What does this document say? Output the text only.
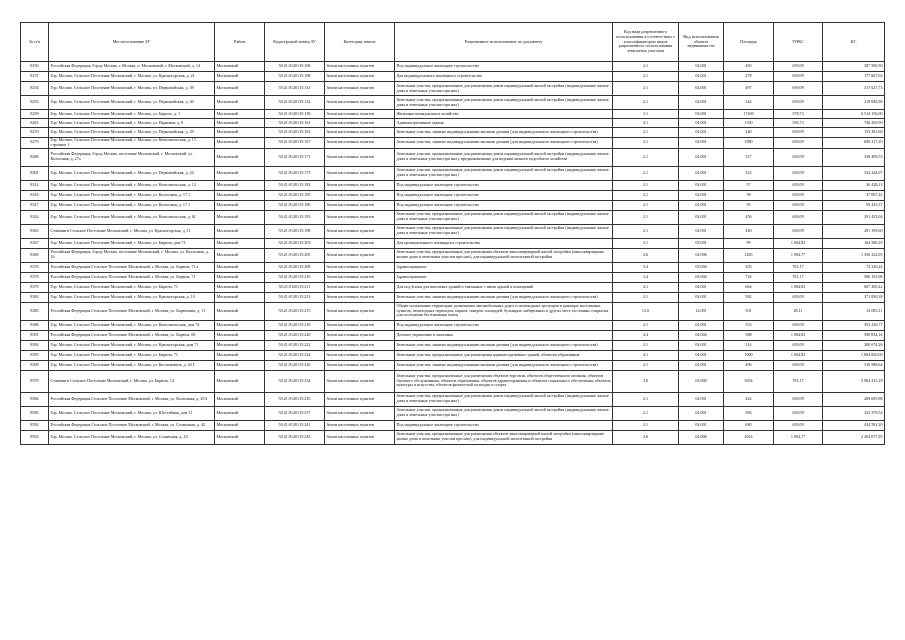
№ п/п	Местоположение ЗУ	Район	Кадастровый номер ЗУ	Категория земель	Разрешенное использование по документу	Код вида разрешенного использования в соответствии с классификатором видов разрешенного использования земельных участков	Вид использования объекта недвижимости	Площадь	УПКС	КС
8150	Российская Федерация, Город Москва, г. Москва, п. Московский, г. Московский, д. 14	Московский	50:21:0120115:108	Земли населенных пунктов	Под индивидуальное жилищное строительство	2.1	02:001	450	639,09	287 590,50
8157	Гор. Москва, Сельское Поселение Московский, г. Москва, ул. Красногорская, д. 21	Московский	50:21:0120115:108	Земли населенных пунктов	Для индивидуального жилищного строительства	2.1	02:001	278	639,09	177 667,02
8254	Гор. Москва, Сельское Поселение Московский, г. Москва, ул. Первомайская, д. 39	Московский	50:21:0120115:131	Земли населенных пунктов	Земельные участки, предназначенные для размещения домов индивидуальной жилой застройки (индивидуальные жилые дома и земельные участки при них)	2.1	02:001	497	639,09	317 627,73
8255	Гор. Москва, Сельское Поселение Московский, г. Москва, ул. Первомайская, д. 40	Московский	50:21:0120115:132	Земли населенных пунктов	Земельные участки, предназначенные для размещения домов индивидуальной жилой застройки (индивидуальные жилые дома и земельные участки при них)	2.1	02:001	344	639,09	219 846,96
8259	Гор. Москва, Сельское Поселение Московский, г. Москва, ул. Бирюза, д. 1	Московский	50:21:0120115:138	Земли населенных пунктов	Жилищно-коммунальное хозяйство	3.1	03:001	17200	378,73	6 514 156,00
8261	Гор. Москва, Сельское Поселение Московский, г. Москва, ул. Парковая, д. 8	Московский	50:21:0120115:161	Земли населенных пунктов	Административные здания	4.1	04:001	1330	556,73	740 450,90
8270	Гор. Москва, Сельское Поселение Московский, г. Москва, ул. Первомайская, д. 29	Московский	50:21:0120115:163	Земли населенных пунктов	Земельные участки, занятые индивидуальными жилыми домами (для индивидуального жилищного строительства)	2.1	02:001	240	639,09	153 381,60
8279	Гор. Москва, Сельское Поселение Московский, г. Москва, ул. Комсомольская, д. 17, строение 1	Московский	50:21:0120115:167	Земли населенных пунктов	Земельные участки, занятые индивидуальными жилыми домами (для индивидуального жилищного строительства)	2.1	02:001	1080	639,09	690 217,20
8286	Российская Федерация, Город Москва, поселение Московский, г. Московский, ул. Колхозная, д. 27а	Московский	50:21:0120115:171	Земли населенных пунктов	Земельные участки, предназначенные для размещения домов индивидуальной жилой застройки (индивидуальные жилые дома и земельные участки при них), предназначенные для ведения личного подсобного хозяйства	2.1	02:001	517	639,09	330 409,53
8301	Гор. Москва, Сельское Поселение Московский, г. Москва, ул. Первомайская, д. 24	Московский	50:21:0120115:175	Земли населенных пунктов	Земельные участки, предназначенные для размещения домов индивидуальной жилой застройки (индивидуальные жилые дома и земельные участки при них)	2.1	02:001	523	639,09	334 244,07
8314	Гор. Москва, Сельское Поселение Московский, г. Москва, ул. Комсомольская, д. 12	Московский	50:21:0120115:182	Земли населенных пунктов	Под индивидуальное жилищное строительство	2.1	02:001	57	639,09	36 428,13
8316	Гор. Москва, Сельское Поселение Московский, г. Москва, ул. Колхозная, д. 17 1	Московский	50:21:0120115:185	Земли населенных пунктов	Под индивидуальное жилищное строительство	2.1	02:001	58	639,09	37 067,22
8317	Гор. Москва, Сельское Поселение Московский, г. Москва, ул. Колхозная, д. 17 1	Московский	50:21:0120115:186	Земли населенных пунктов	Под индивидуальное жилищное строительство	2.1	02:001	93	639,09	59 435,37
8324	Гор. Москва, Сельское Поселение Московский, г. Москва, ул. Комсомольская, д. 61	Московский	50:21:0120115:193	Земли населенных пунктов	Земельные участки, предназначенные для размещения домов индивидуальной жилой застройки (индивидуальные жилые дома и земельные участки при них)	2.1	02:001	456	639,09	291 425,04
8365	Ставчинги Сельское Поселение Московский, г. Москва, ул. Красногорская, д. 11	Московский	50:21:0120115:198	Земли населенных пунктов	Земельные участки, предназначенные для размещения домов индивидуальной жилой застройки (индивидуальные жилые дома и земельные участки при них)	2.1	02:001	440	639,09	281 199,60
8367	Гор. Москва, Сельское Поселение Московский, г. Москва, ул. Бирюза, дом 71	Московский	50:21:0120115:203	Земли населенных пунктов	Для промышленного жилищного строительства	3.1	03:001	99	1 004,82	164 580,29
8369	Российская Федерация, Город Москва, поселение Московский, г. Москва, ул. Колхозная, д. 16	Московский	50:21:0120115:205	Земли населенных пунктов	Земельные участки, предназначенные для размещения объектов многоквартирной жилой застройки (многоквартирные жилые дома и земельные участки при них), для индивидуальной малоэтажной застройки	2.6	02:006	1265	1 004,77	1 356 322,05
8376	Российская Федерация Сельское Поселение Московский, г. Москва, ул. Бирюза, 71 а	Московский	50:21:0120115:208	Земли населенных пунктов	Здравоохранение	3.4	03:004	103	701,17	72 320,24
8378	Российская Федерация Сельское Поселение Московский, г. Москва, ул. Бирюза, 71	Московский	50:21:0120115:210	Земли населенных пунктов	Здравоохранение	3.4	03:004	724	701,17	506 191,98
8379	Гор. Москва, Сельское Поселение Московский, г. Москва, ул. Бирюза, 71	Московский	50:21:0120115:211	Земли населенных пунктов	Для под Блоки для высотных зданий и связанных с ними зданий и помещений	4.1	04:001	664	1 004,82	667 200,42
8382	Гор. Москва, Сельское Поселение Московский, г. Москва, ул. Красногорская, д. 15	Московский	50:21:0120115:213	Земли населенных пунктов	Земельные участки, занятые индивидуальными жилыми домами (для индивидуального жилищного строительства)	2.1	02:001	582	639,09	371 950,38
8385	Российская Федерация Сельское Поселение Московский, г. Москва, ул. Бирюзовая, д. 11	Московский	50:21:0120115:215	Земли населенных пунктов	Общее пользование территории: размещение автомобильных дорог и пешеходных тротуаров в границах населенных пунктов, пешеходных переходов, парков, скверов, площадей, бульваров, набережных и других мест, постоянно открытых для посещения без взимания платы	12.0	12:001	501	28,11	14 083,11
8386	Гор. Москва, Сельское Поселение Московский, г. Москва, ул. Комсомольская, дом 74	Московский	50:21:0120115:218	Земли населенных пунктов	Под индивидуальное жилищное строительство	2.1	02:001	553	639,09	353 416,77
8391	Российская Федерация Сельское Поселение Московский, г. Москва, ул. Бирюза, 69	Московский	50:21:0120115:220	Земли населенных пунктов	Деловое управление и магазины	4.4	04:004	588	1 004,82	590 834,16
8392	Гор. Москва, Сельское Поселение Московский, г. Москва, ул. Красногорская, дом 71	Московский	50:21:0120115:222	Земли населенных пунктов	Земельные участки, занятые индивидуальными жилыми домами (для индивидуального жилищного строительства)	2.1	02:001	314	639,09	200 674,26
8395	Гор. Москва, Сельское Поселение Московский, г. Москва, ул. Бирюза, 71	Московский	50:21:0120115:224	Земли населенных пунктов	Земельные участки, предназначенные для размещения административных зданий, объектов образования	4.1	04:001	1000	1 004,82	1 004 820,00
8399	Гор. Москва, Сельское Поселение Московский, г. Москва, ул. Космонавтов, д. 24 Г	Московский	50:21:0120115:226	Земли населенных пунктов	Земельные участки, занятые индивидуальными жилыми домами (для индивидуального жилищного строительства)	2.1	02:001	496	639,09	316 988,64
8579	Ставчинги Сельское Поселение Московский, г. Москва, ул. Бирюза, 14	Московский	50:21:0120115:234	Земли населенных пунктов	Земельные участки, предназначенные для размещения объектов торговли, объектов общественного питания, объектов бытового обслуживания, объектов образования, объектов здравоохранения и объектов социального обеспечения, объектов культуры и искусства, объектов физической культуры и спорта	3.0	03:000	5654	701,17	3 964 415,18
8584	Российская Федерация Сельское Поселение Московский, г. Москва, ул. Колхозная, д. 25А	Московский	50:21:0120115:235	Земли населенных пунктов	Земельные участки, предназначенные для размещения домов индивидуальной жилой застройки (индивидуальные жилые дома и земельные участки при них)	2.1	02:001	422	639,09	269 695,98
8585	Гор. Москва, Сельское Поселение Московский, г. Москва, ул. Шоссейная, дом 11	Московский	50:21:0120115:237	Земли населенных пунктов	Земельные участки, предназначенные для размещения домов индивидуальной жилой застройки (индивидуальные жилые дома и земельные участки при них)	2.1	02:001	506	639,09	323 379,54
8592	Российская Федерация Сельское Поселение Московский, г. Москва, ул. Солнечная, д. 42	Московский	50:21:0120115:241	Земли населенных пунктов	Под индивидуальное жилищное строительство	2.1	02:001	680	639,09	434 581,20
8593	Гор. Москва, Сельское Поселение Московский, г. Москва, ул. Солнечная, д. 43	Московский	50:21:0120115:243	Земли населенных пунктов	Земельные участки, предназначенные для размещения объектов многоквартирной жилой застройки (многоквартирные жилые дома и земельные участки при них), для индивидуальной малоэтажной застройки	2.6	02:006	2014	1 004,77	2 204 077,39
